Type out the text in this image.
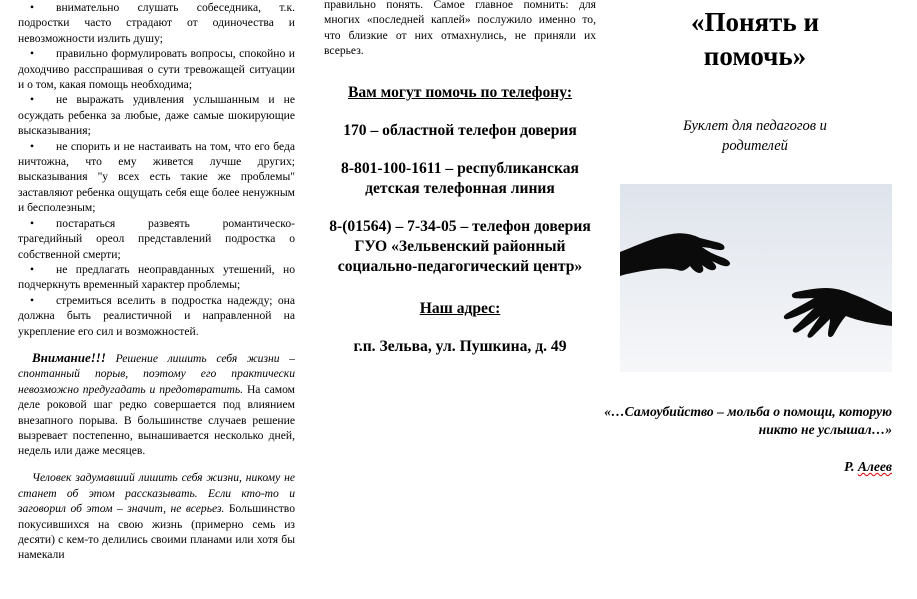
• внимательно слушать собеседника, т.к. подростки часто страдают от одиночества и невозможности излить душу;
• правильно формулировать вопросы, спокойно и доходчиво расспрашивая о сути тревожащей ситуации и о том, какая помощь необходима;
• не выражать удивления услышанным и не осуждать ребенка за любые, даже самые шокирующие высказывания;
• не спорить и не настаивать на том, что его беда ничтожна, что ему живется лучше других; высказывания "у всех есть такие же проблемы" заставляют ребенка ощущать себя еще более ненужным и бесполезным;
• постараться развеять романтическо-трагедийный ореол представлений подростка о собственной смерти;
• не предлагать неоправданных утешений, но подчеркнуть временный характер проблемы;
• стремиться вселить в подростка надежду; она должна быть реалистичной и направленной на укрепление его сил и возможностей.

Внимание!!! Решение лишить себя жизни – спонтанный порыв, поэтому его практически невозможно предугадать и предотвратить. На самом деле роковой шаг редко совершается под влиянием внезапного порыва. В большинстве случаев решение вызревает постепенно, вынашивается несколько дней, недель или даже месяцев.

Человек задумавший лишить себя жизни, никому не станет об этом рассказывать. Если кто-то и заговорил об этом – значит, не всерьез. Большинство покусившихся на свою жизнь (примерно семь из десяти) с кем-то делились своими планами или хотя бы намекали

правильно понять. Самое главное помнить: для многих «последней каплей» послужило именно то, что близкие от них отмахнулись, не приняли их всерьез.

Вам могут помочь по телефону:
170 – областной телефон доверия
8-801-100-1611 – республиканская детская телефонная линия
8-(01564) – 7-34-05 – телефон доверия ГУО «Зельвенский районный социально-педагогический центр»
Наш адрес:
г.п. Зельва, ул. Пушкина, д. 49
«Понять и помочь»
Буклет для педагогов и родителей
«…Самоубийство – мольба о помощи, которую никто не услышал…»
Р. Алеев
